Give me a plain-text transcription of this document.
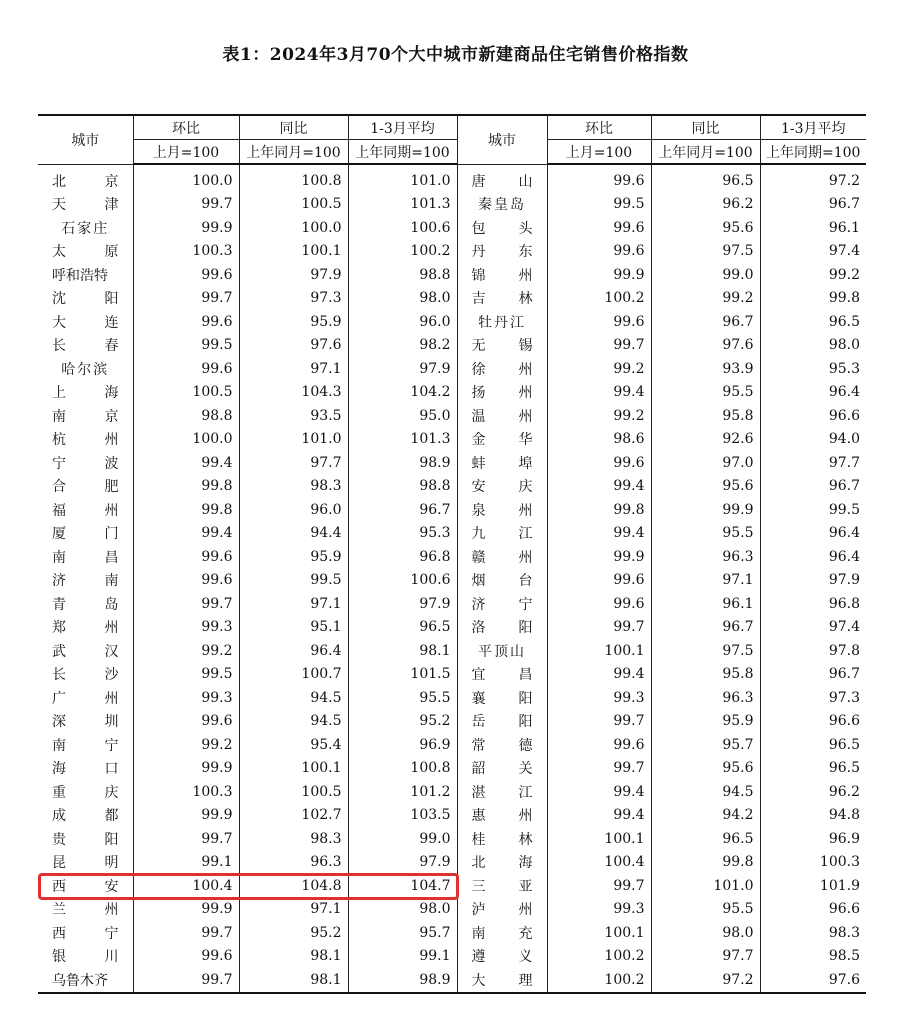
表1：2024年3月70个大中城市新建商品住宅销售价格指数
城市	环比	同比	1-3月平均	城市	环比	同比	1-3月平均
	上月=100	上年同月=100	上年同期=100		上月=100	上年同月=100	上年同期=100

北 京	100.0	100.8	101.0	唐 山	99.6	96.5	97.2

天 津	99.7	100.5	101.3	秦皇岛	99.5	96.2	96.7

石家庄	99.9	100.0	100.6	包 头	99.6	95.6	96.1

太 原	100.3	100.1	100.2	丹 东	99.6	97.5	97.4

呼和浩特	99.6	97.9	98.8	锦 州	99.9	99.0	99.2

沈 阳	99.7	97.3	98.0	吉 林	100.2	99.2	99.8

大 连	99.6	95.9	96.0	牡丹江	99.6	96.7	96.5

长 春	99.5	97.6	98.2	无 锡	99.7	97.6	98.0

哈尔滨	99.6	97.1	97.9	徐 州	99.2	93.9	95.3

上 海	100.5	104.3	104.2	扬 州	99.4	95.5	96.4

南 京	98.8	93.5	95.0	温 州	99.2	95.8	96.6

杭 州	100.0	101.0	101.3	金 华	98.6	92.6	94.0

宁 波	99.4	97.7	98.9	蚌 埠	99.6	97.0	97.7

合 肥	99.8	98.3	98.8	安 庆	99.4	95.6	96.7

福 州	99.8	96.0	96.7	泉 州	99.8	99.9	99.5

厦 门	99.4	94.4	95.3	九 江	99.4	95.5	96.4

南 昌	99.6	95.9	96.8	赣 州	99.9	96.3	96.4

济 南	99.6	99.5	100.6	烟 台	99.6	97.1	97.9

青 岛	99.7	97.1	97.9	济 宁	99.6	96.1	96.8

郑 州	99.3	95.1	96.5	洛 阳	99.7	96.7	97.4

武 汉	99.2	96.4	98.1	平顶山	100.1	97.5	97.8

长 沙	99.5	100.7	101.5	宜 昌	99.4	95.8	96.7

广 州	99.3	94.5	95.5	襄 阳	99.3	96.3	97.3

深 圳	99.6	94.5	95.2	岳 阳	99.7	95.9	96.6

南 宁	99.2	95.4	96.9	常 德	99.6	95.7	96.5

海 口	99.9	100.1	100.8	韶 关	99.7	95.6	96.5

重 庆	100.3	100.5	101.2	湛 江	99.4	94.5	96.2

成 都	99.9	102.7	103.5	惠 州	99.4	94.2	94.8

贵 阳	99.7	98.3	99.0	桂 林	100.1	96.5	96.9

昆 明	99.1	96.3	97.9	北 海	100.4	99.8	100.3

西 安	100.4	104.8	104.7	三 亚	99.7	101.0	101.9

兰 州	99.9	97.1	98.0	泸 州	99.3	95.5	96.6

西 宁	99.7	95.2	95.7	南 充	100.1	98.0	98.3

银 川	99.6	98.1	99.1	遵 义	100.2	97.7	98.5

乌鲁木齐	99.7	98.1	98.9	大 理	100.2	97.2	97.6
